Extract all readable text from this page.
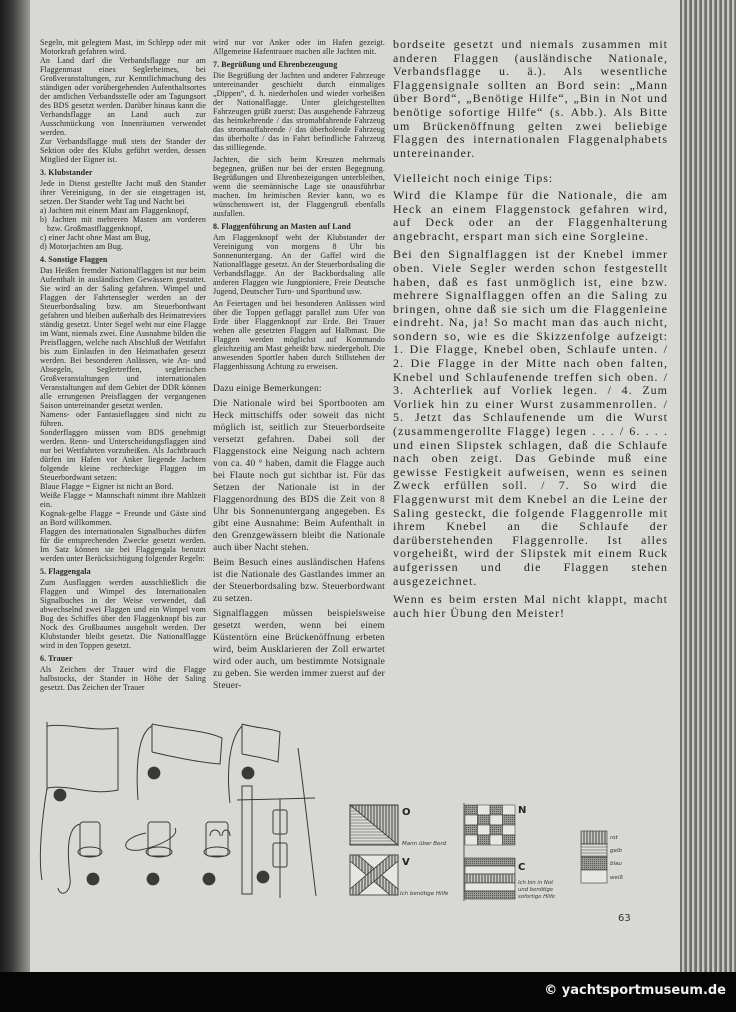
Segeln, mit gelegtem Mast, im Schlepp oder mit Motorkraft gefahren wird.

An Land darf die Verbandsflagge nur am Flaggenmast eines Seglerheimes, bei Großveranstaltungen, zur Kenntlichmachung des ständigen oder vorübergehenden Aufenthaltsortes der amtlichen Verbandsstelle oder am Tagungsort des BDS gesetzt werden. Darüber hinaus kann die Verbandsflagge an Land auch zur Ausschmückung von Innenräumen verwendet werden.

Zur Verbandsflagge muß stets der Stander der Sektion oder des Klubs geführt werden, dessen Mitglied der Eigner ist.

3. Klubstander

Jede in Dienst gestellte Jacht muß den Stander ihrer Vereinigung, in der sie eingetragen ist, setzen. Der Stander weht Tag und Nacht bei

a) Jachten mit einem Mast am Flaggenknopf,

b) Jachten mit mehreren Masten am vorderen bzw. Großmastflaggenknopf,

c) einer Jacht ohne Mast am Bug,

d) Motorjachten am Bug.

4. Sonstige Flaggen

Das Heißen fremder Nationalflaggen ist nur beim Aufenthalt in ausländischen Gewässern gestattet. Sie wird an der Saling gefahren. Wimpel und Flaggen der Fahrtensegler werden an der Steuerbordsaling bzw. am Steuerbordwant gefahren und bleiben außerhalb des Heimatreviers ständig gesetzt. Unter Segel weht nur eine Flagge im Want, niemals zwei. Eine Ausnahme bilden die Preisflaggen, welche nach Abschluß der Wettfahrt bis zum Einlaufen in den Heimathafen gesetzt werden. Bei besonderen Anlässen, wie An- und Absegeln, Seglertreffen, seglerischen Großveranstaltungen und internationalen Veranstaltungen auf dem Gebiet der DDR können alle errungenen Preisflaggen der vergangenen Saison untereinander gesetzt werden.

Namens- oder Fantasieflaggen sind nicht zu führen.

Sonderflaggen müssen vom BDS genehmigt werden. Renn- und Unterscheidungsflaggen sind nur bei Wettfahrten vorzuheißen. Als Jachtbrauch dürfen im Hafen vor Anker liegende Jachten folgende kleine rechteckige Flaggen im Steuerbordwant setzen:

Blaue Flagge = Eigner ist nicht an Bord.

Weiße Flagge = Mannschaft nimmt ihre Mahlzeit ein.

Kognak-gelbe Flagge = Freunde und Gäste sind an Bord willkommen.

Flaggen des internationalen Signalbuches dürfen für die entsprechenden Zwecke gesetzt werden. Im Satz können sie bei Flaggengala benutzt werden unter Berücksichtigung folgender Regeln:

5. Flaggengala

Zum Ausflaggen werden ausschließlich die Flaggen und Wimpel des Internationalen Signalbuches in der Weise verwendet, daß abwechselnd zwei Flaggen und ein Wimpel vom Bug des Schiffes über den Flaggenknopf bis zur Nock des Großbaumes ausgeholt werden. Der Klubstander bleibt gesetzt. Die Nationalflagge wird in den Toppen gesetzt.

6. Trauer

Als Zeichen der Trauer wird die Flagge halbstocks, der Stander in Höhe der Saling gesetzt. Das Zeichen der Trauer

wird nur vor Anker oder im Hafen gezeigt. Allgemeine Hafentrauer machen alle Jachten mit.

7. Begrüßung und Ehrenbezeugung

Die Begrüßung der Jachten und anderer Fahrzeuge untereinander geschieht durch einmaliges „Dippen“, d. h. niederholen und wieder vorheißen der Nationalflagge. Unter gleichgestellten Fahrzeugen grüßt zuerst: Das ausgehende Fahrzeug das heimkehrende / das stromabfahrende Fahrzeug das stromauffahrende / das überholende Fahrzeug das überholte / das in Fahrt befindliche Fahrzeug das stilliegende.

Jachten, die sich beim Kreuzen mehrmals begegnen, grüßen nur bei der ersten Begegnung. Begrüßungen und Ehrenbezeigungen unterbleiben, wenn die seemännische Lage sie unausführbar machen. Im heimischen Revier kann, wo es wünschenswert ist, der Flaggengruß ebenfalls ausfallen.

8. Flaggenführung an Masten auf Land

Am Flaggenknopf weht der Klubstander der Vereinigung von morgens 8 Uhr bis Sonnenuntergang. An der Gaffel wird die Nationalflagge gesetzt. An der Steuerbordsaling die Verbandsflagge. An der Backbordsaling alle anderen Flaggen wie Jungpioniere, Freie Deutsche Jugend, Deutscher Turn- und Sportbund usw.

An Feiertagen und bei besonderen Anlässen wird über die Toppen geflaggt parallel zum Ufer von Erde über Flaggenknopf zur Erde. Bei Trauer wehen alle gesetzten Flaggen auf Halbmast. Die Flaggen werden möglichst auf Kommando gleichzeitig am Mast geheißt bzw. niedergeholt. Die anwesenden Sportler haben durch Stillstehen der Flaggenhissung Achtung zu erweisen.

Dazu einige Bemerkungen:

Die Nationale wird bei Sportbooten am Heck mittschiffs oder soweit das nicht möglich ist, seitlich zur Steuerbordseite versetzt gefahren. Dabei soll der Flaggenstock eine Neigung nach achtern von ca. 40 ° haben, damit die Flagge auch bei Flaute noch gut sichtbar ist. Für das Setzen der Nationale ist in der Flaggenordnung des BDS die Zeit von 8 Uhr bis Sonnenuntergang angegeben. Es gibt eine Ausnahme: Beim Aufenthalt in den Grenzgewässern bleibt die Nationale auch über Nacht stehen.

Beim Besuch eines ausländischen Hafens ist die Nationale des Gastlandes immer an der Steuerbordsaling bzw. Steuerbordwant zu setzen.

Signalflaggen müssen beispielsweise gesetzt werden, wenn bei einem Küstentörn eine Brückenöffnung erbeten wird, beim Ausklarieren der Zoll erwartet wird oder auch, um bestimmte Notsignale zu geben. Sie werden immer zuerst auf der Steuer-

bordseite gesetzt und niemals zusammen mit anderen Flaggen (ausländische Nationale, Verbandsflagge u. ä.). Als wesentliche Flaggensignale sollten an Bord sein: „Mann über Bord“, „Benötige Hilfe“, „Bin in Not und benötige sofortige Hilfe“ (s. Abb.). Als Bitte um Brückenöffnung gelten zwei beliebige Flaggen des internationalen Flaggenalphabets untereinander.

Vielleicht noch einige Tips:

Wird die Klampe für die Nationale, die am Heck an einem Flaggenstock gefahren wird, auf Deck oder an der Flaggenhalterung angebracht, erspart man sich eine Sorgleine.

Bei den Signalflaggen ist der Knebel immer oben. Viele Segler werden schon festgestellt haben, daß es fast unmöglich ist, eine bzw. mehrere Signalflaggen offen an die Saling zu bringen, ohne daß sie sich um die Flaggenleine eindreht. Na, ja! So macht man das auch nicht, sondern so, wie es die Skizzenfolge aufzeigt: 1. Die Flagge, Knebel oben, Schlaufe unten. / 2. Die Flagge in der Mitte nach oben falten, Knebel und Schlaufenende treffen sich oben. / 3. Achterliek auf Vorliek legen. / 4. Zum Vorliek hin zu einer Wurst zusammenrollen. / 5. Jetzt das Schlaufenende um die Wurst (zusammengerollte Flagge) legen . . . / 6. . . . und einen Slipstek schlagen, daß die Schlaufe nach oben zeigt. Das Gebinde muß eine gewisse Festigkeit aufweisen, wenn es seinen Zweck erfüllen soll. / 7. So wird die Flaggenwurst mit dem Knebel an die Leine der Saling gesteckt, die folgende Flaggenrolle mit ihrem Knebel an die Schlaufe der darüberstehenden Flaggenrolle. Ist alles vorgeheißt, wird der Slipstek mit einem Ruck aufgerissen und die Flaggen stehen ausgezeichnet.

Wenn es beim ersten Mal nicht klappt, macht auch hier Übung den Meister!

1
2	3
4	5	6	7
O
Mann über Bord
V
Ich benötige Hilfe
N
C
Ich bin in Not und benötige sofortige Hilfe
rot
gelb
blau
weiß
63
© yachtsportmuseum.de
